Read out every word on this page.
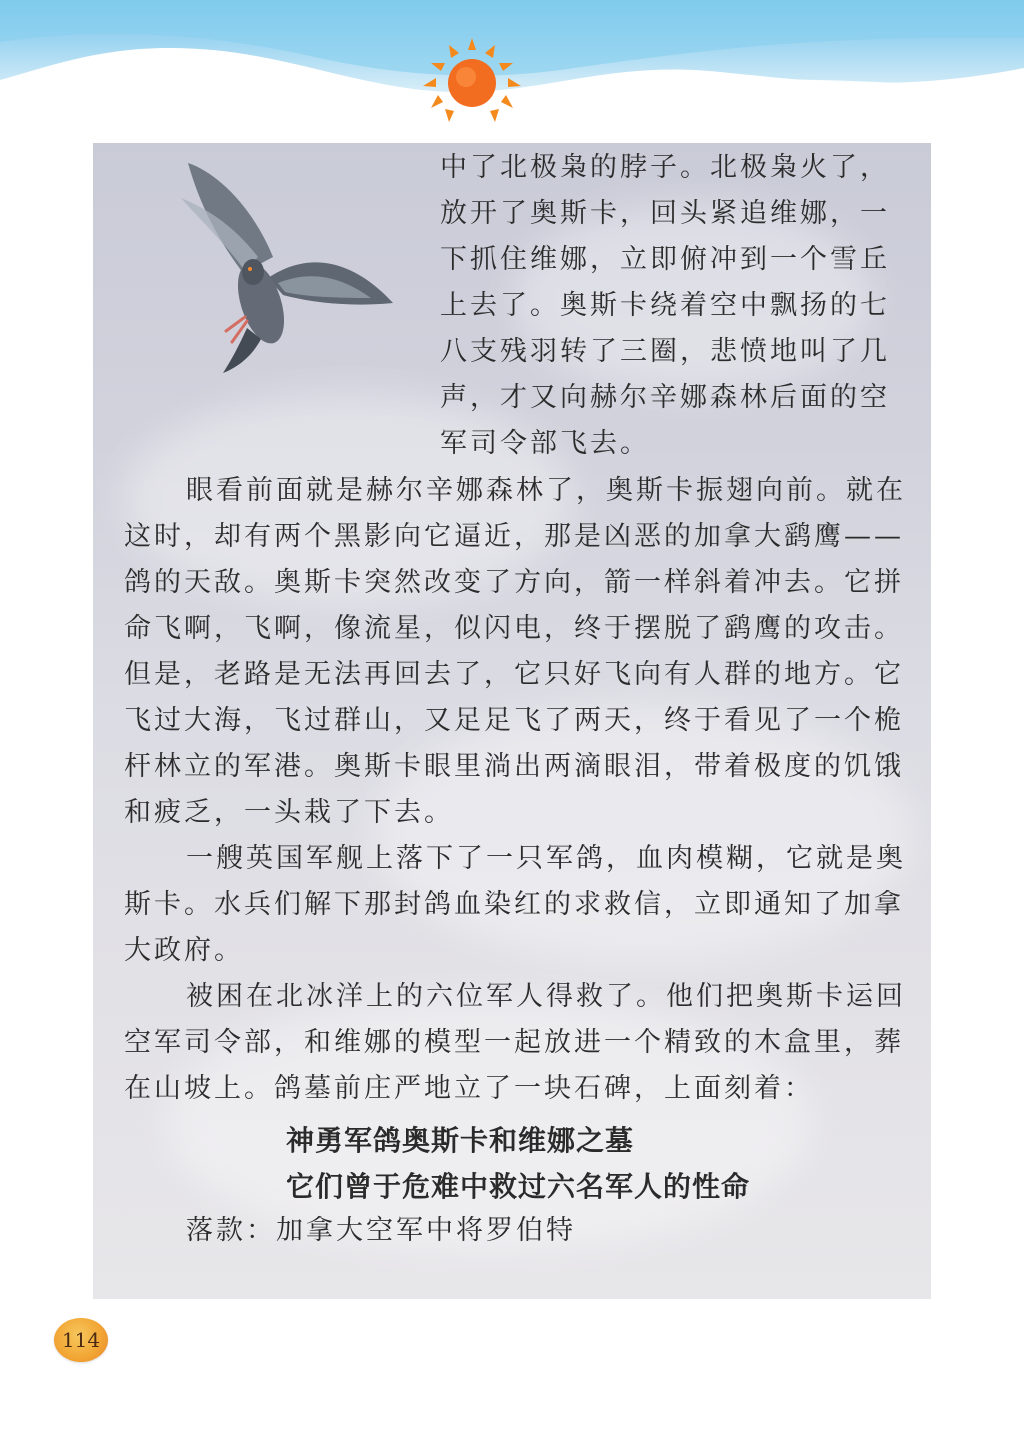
中了北极枭的脖子。北极枭火了，
放开了奥斯卡，回头紧追维娜，一
下抓住维娜，立即俯冲到一个雪丘
上去了。奥斯卡绕着空中飘扬的七
八支残羽转了三圈，悲愤地叫了几
声，才又向赫尔辛娜森林后面的空
军司令部飞去。
眼看前面就是赫尔辛娜森林了，奥斯卡振翅向前。就在
这时，却有两个黑影向它逼近，那是凶恶的加拿大鹞鹰——
鸽的天敌。奥斯卡突然改变了方向，箭一样斜着冲去。它拼
命飞啊，飞啊，像流星，似闪电，终于摆脱了鹞鹰的攻击。
但是，老路是无法再回去了，它只好飞向有人群的地方。它
飞过大海，飞过群山，又足足飞了两天，终于看见了一个桅
杆林立的军港。奥斯卡眼里淌出两滴眼泪，带着极度的饥饿
和疲乏，一头栽了下去。
一艘英国军舰上落下了一只军鸽，血肉模糊，它就是奥
斯卡。水兵们解下那封鸽血染红的求救信，立即通知了加拿
大政府。
被困在北冰洋上的六位军人得救了。他们把奥斯卡运回
空军司令部，和维娜的模型一起放进一个精致的木盒里，葬
在山坡上。鸽墓前庄严地立了一块石碑，上面刻着：
神勇军鸽奥斯卡和维娜之墓
它们曾于危难中救过六名军人的性命
落款：加拿大空军中将罗伯特
114
